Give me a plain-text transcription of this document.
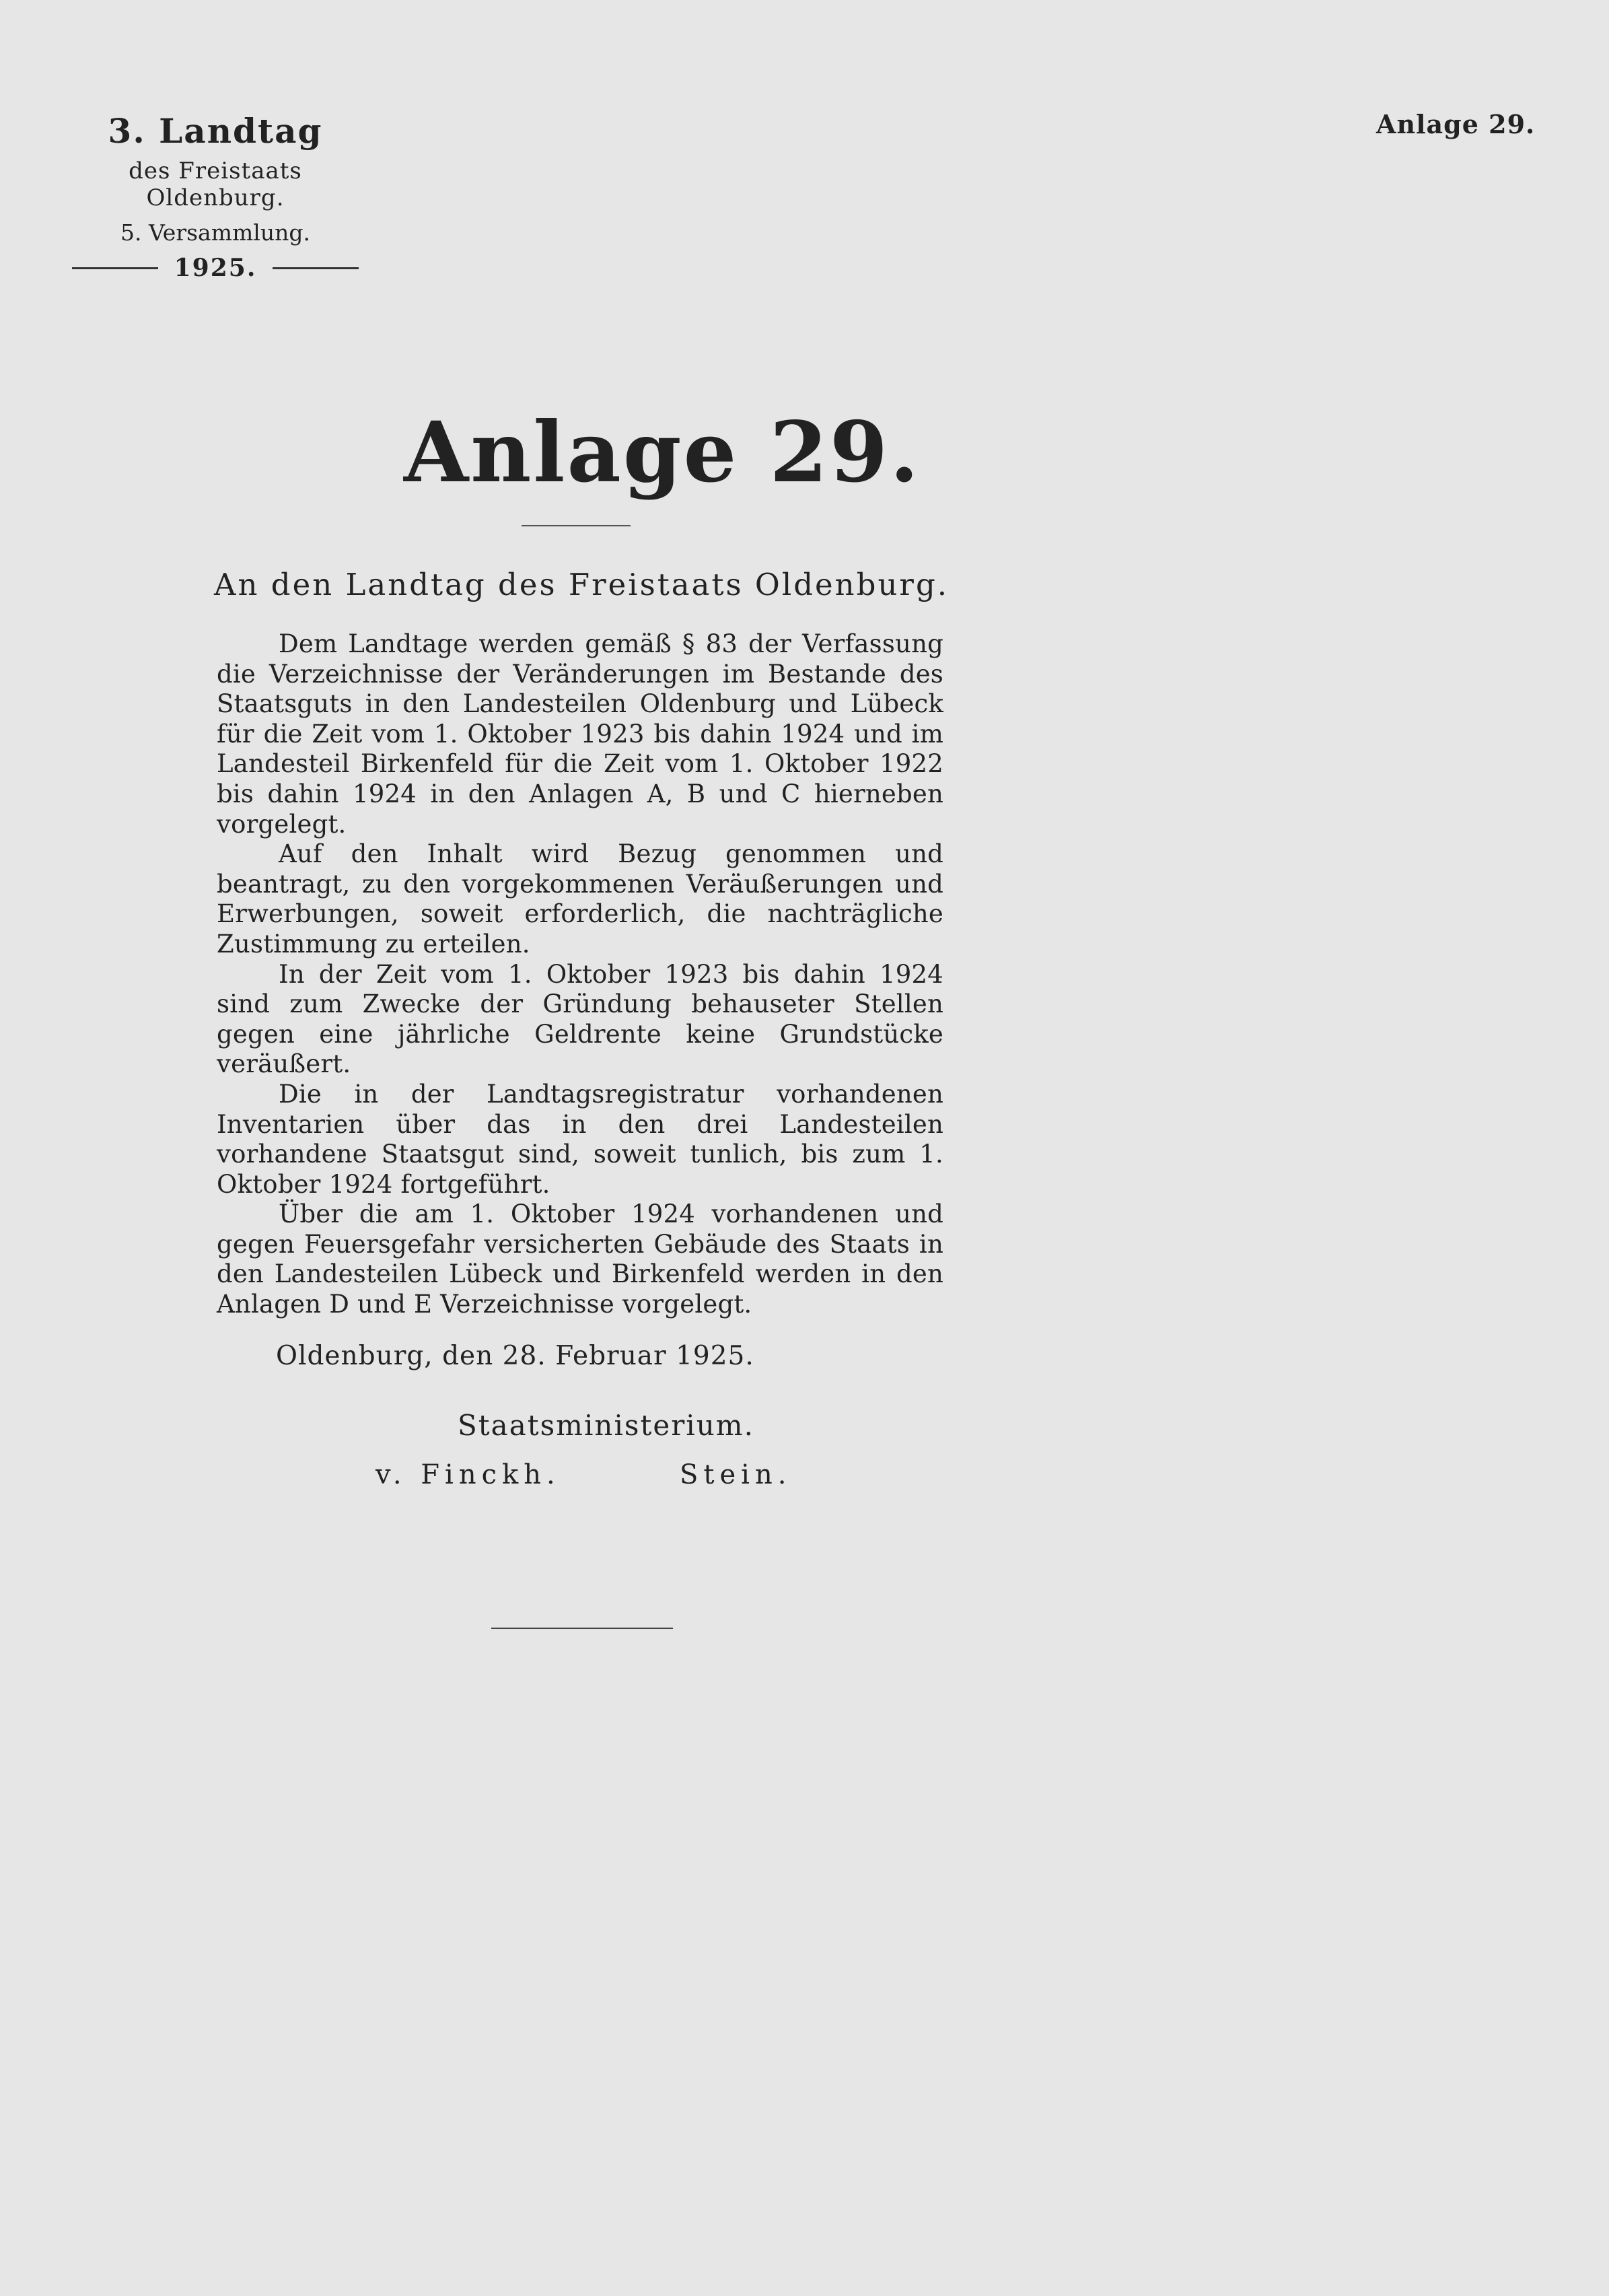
3. Landtag
des Freistaats Oldenburg.
5. Versammlung.
1925.
Anlage 29.
Anlage 29.
An den Landtag des Freistaats Oldenburg.

Dem Landtage werden gemäß § 83 der Verfassung die Verzeichnisse der Veränderungen im Bestande des Staatsguts in den Landesteilen Oldenburg und Lübeck für die Zeit vom 1. Oktober 1923 bis dahin 1924 und im Landesteil Birkenfeld für die Zeit vom 1. Oktober 1922 bis dahin 1924 in den Anlagen A, B und C hierneben vorgelegt.

Auf den Inhalt wird Bezug genommen und beantragt, zu den vorgekommenen Veräußerungen und Erwerbungen, soweit erforderlich, die nachträgliche Zustimmung zu erteilen.

In der Zeit vom 1. Oktober 1923 bis dahin 1924 sind zum Zwecke der Gründung behauseter Stellen gegen eine jährliche Geldrente keine Grundstücke veräußert.

Die in der Landtagsregistratur vorhandenen Inventarien über das in den drei Landesteilen vorhandene Staatsgut sind, soweit tunlich, bis zum 1. Oktober 1924 fortgeführt.

Über die am 1. Oktober 1924 vorhandenen und gegen Feuersgefahr versicherten Gebäude des Staats in den Landesteilen Lübeck und Birkenfeld werden in den Anlagen D und E Verzeichnisse vorgelegt.

Oldenburg, den 28. Februar 1925.
Staatsministerium.
v. Finckh.	Stein.
